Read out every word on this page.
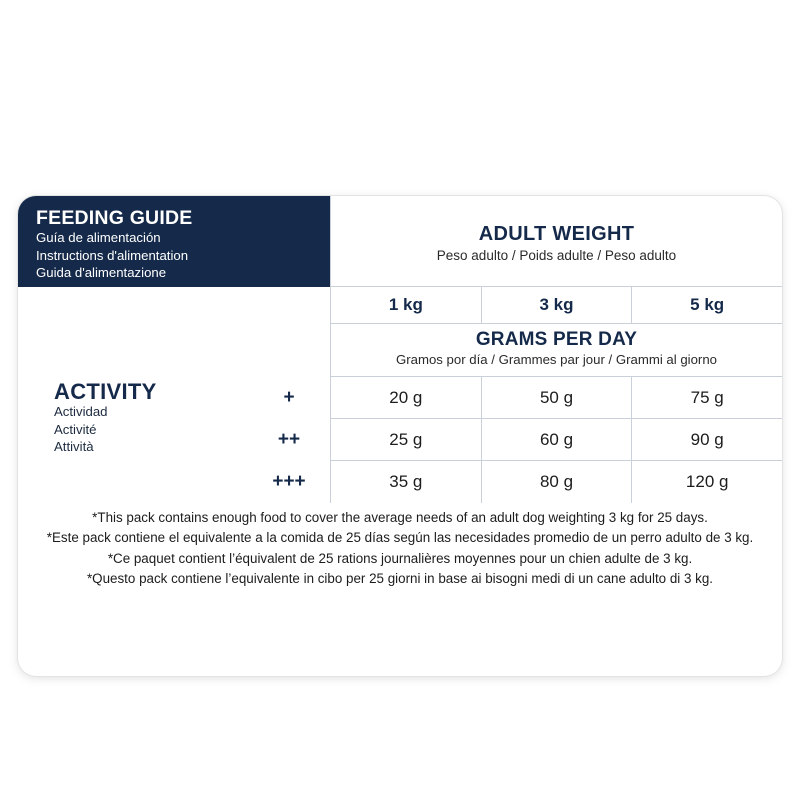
FEEDING GUIDE
Guía de alimentación
Instructions d'alimentation
Guida d'alimentazione
ADULT WEIGHT
Peso adulto / Poids adulte / Peso adulto
1 kg	3 kg	5 kg
GRAMS PER DAY
Gramos por día / Grammes par jour / Grammi al giorno
ACTIVITY
Actividad
Activité
Attività
+	20 g	50 g	75 g
++	25 g	60 g	90 g
+++	35 g	80 g	120 g
*This pack contains enough food to cover the average needs of an adult dog weighting 3 kg for 25 days.
*Este pack contiene el equivalente a la comida de 25 días según las necesidades promedio de un perro adulto de 3 kg.
*Ce paquet contient l’équivalent de 25 rations journalières moyennes pour un chien adulte de 3 kg.
*Questo pack contiene l’equivalente in cibo per 25 giorni in base ai bisogni medi di un cane adulto di 3 kg.
